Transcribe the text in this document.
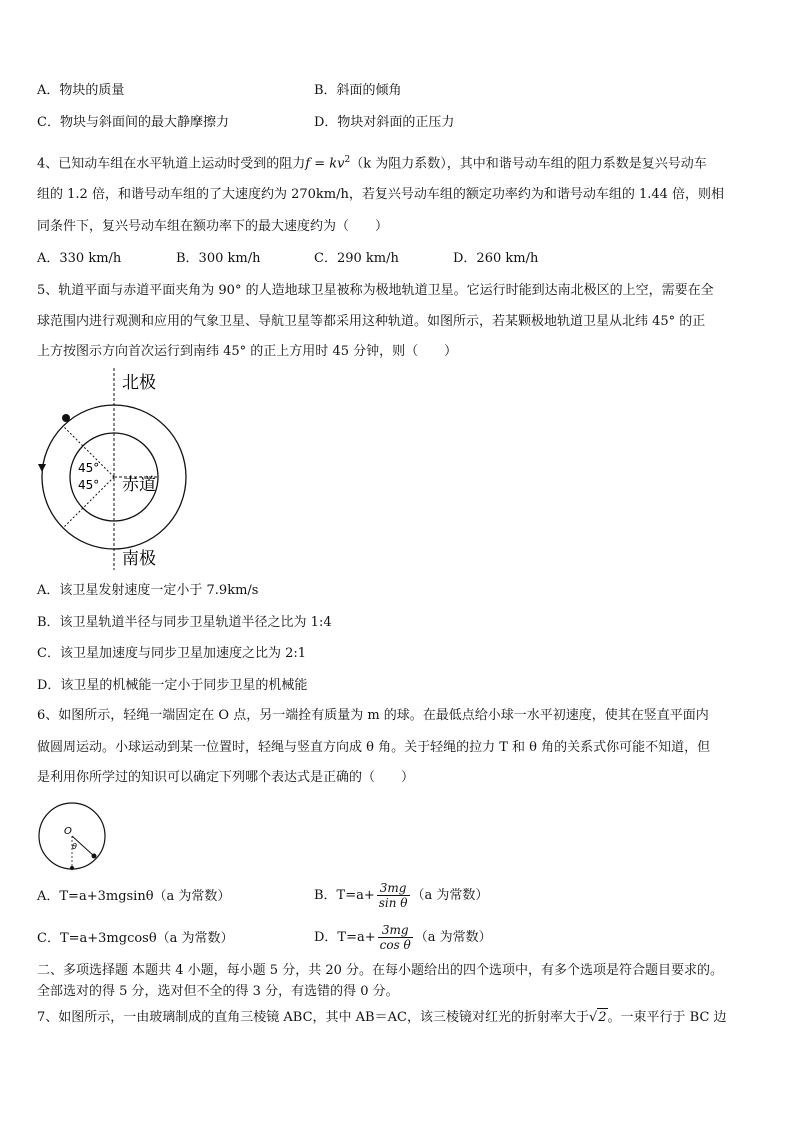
A．物块的质量	B．斜面的倾角
C．物块与斜面间的最大静摩擦力	D．物块对斜面的正压力
4、已知动车组在水平轨道上运动时受到的阻力$f = kv^2(k$ 为阻力系数），其中和谐号动车组的阻力系数是复兴号动车
组的 1.2 倍，和谐号动车组的了大速度约为 270km/h，若复兴号动车组的额定功率约为和谐号动车组的 1.44 倍，则相
同条件下，复兴号动车组在额功率下的最大速度约为（　　）
A．330 km/h	B．300 km/h	C．290 km/h	D．260 km/h
5、轨道平面与赤道平面夹角为 90° 的人造地球卫星被称为极地轨道卫星。它运行时能到达南北极区的上空，需要在全
球范围内进行观测和应用的气象卫星、导航卫星等都采用这种轨道。如图所示，若某颗极地轨道卫星从北纬 45° 的正
上方按图示方向首次运行到南纬 45° 的正上方用时 45 分钟，则（　　）
北极
南极
赤道
45°
45°
A．该卫星发射速度一定小于 7.9km/s
B．该卫星轨道半径与同步卫星轨道半径之比为 1:4
C．该卫星加速度与同步卫星加速度之比为 2:1
D．该卫星的机械能一定小于同步卫星的机械能
6、如图所示，轻绳一端固定在 O 点，另一端拴有质量为 m 的球。在最低点给小球一水平初速度，使其在竖直平面内
做圆周运动。小球运动到某一位置时，轻绳与竖直方向成 θ 角。关于轻绳的拉力 T 和 θ 角的关系式你可能不知道，但
是利用你所学过的知识可以确定下列哪个表达式是正确的（　　）
O
θ
A．T=a+3mgsinθ（a 为常数）	B．$T=a+ \frac{3mg}{\text{sin θ}} (a$ 为常数）
C．T=a+3mgcosθ（a 为常数）	D．$T=a+ \frac{3mg}{\text{cos θ}} (a$ 为常数）
二、多项选择题 本题共 4 小题，每小题 5 分，共 20 分。在每小题给出的四个选项中，有多个选项是符合题目要求的。
全部选对的得 5 分，选对但不全的得 3 分，有选错的得 0 分。
7、如图所示，一由玻璃制成的直角三棱镜 ABC，其中 AB＝AC，该三棱镜对红光的折射率大于√2。一束平行于 BC 边
